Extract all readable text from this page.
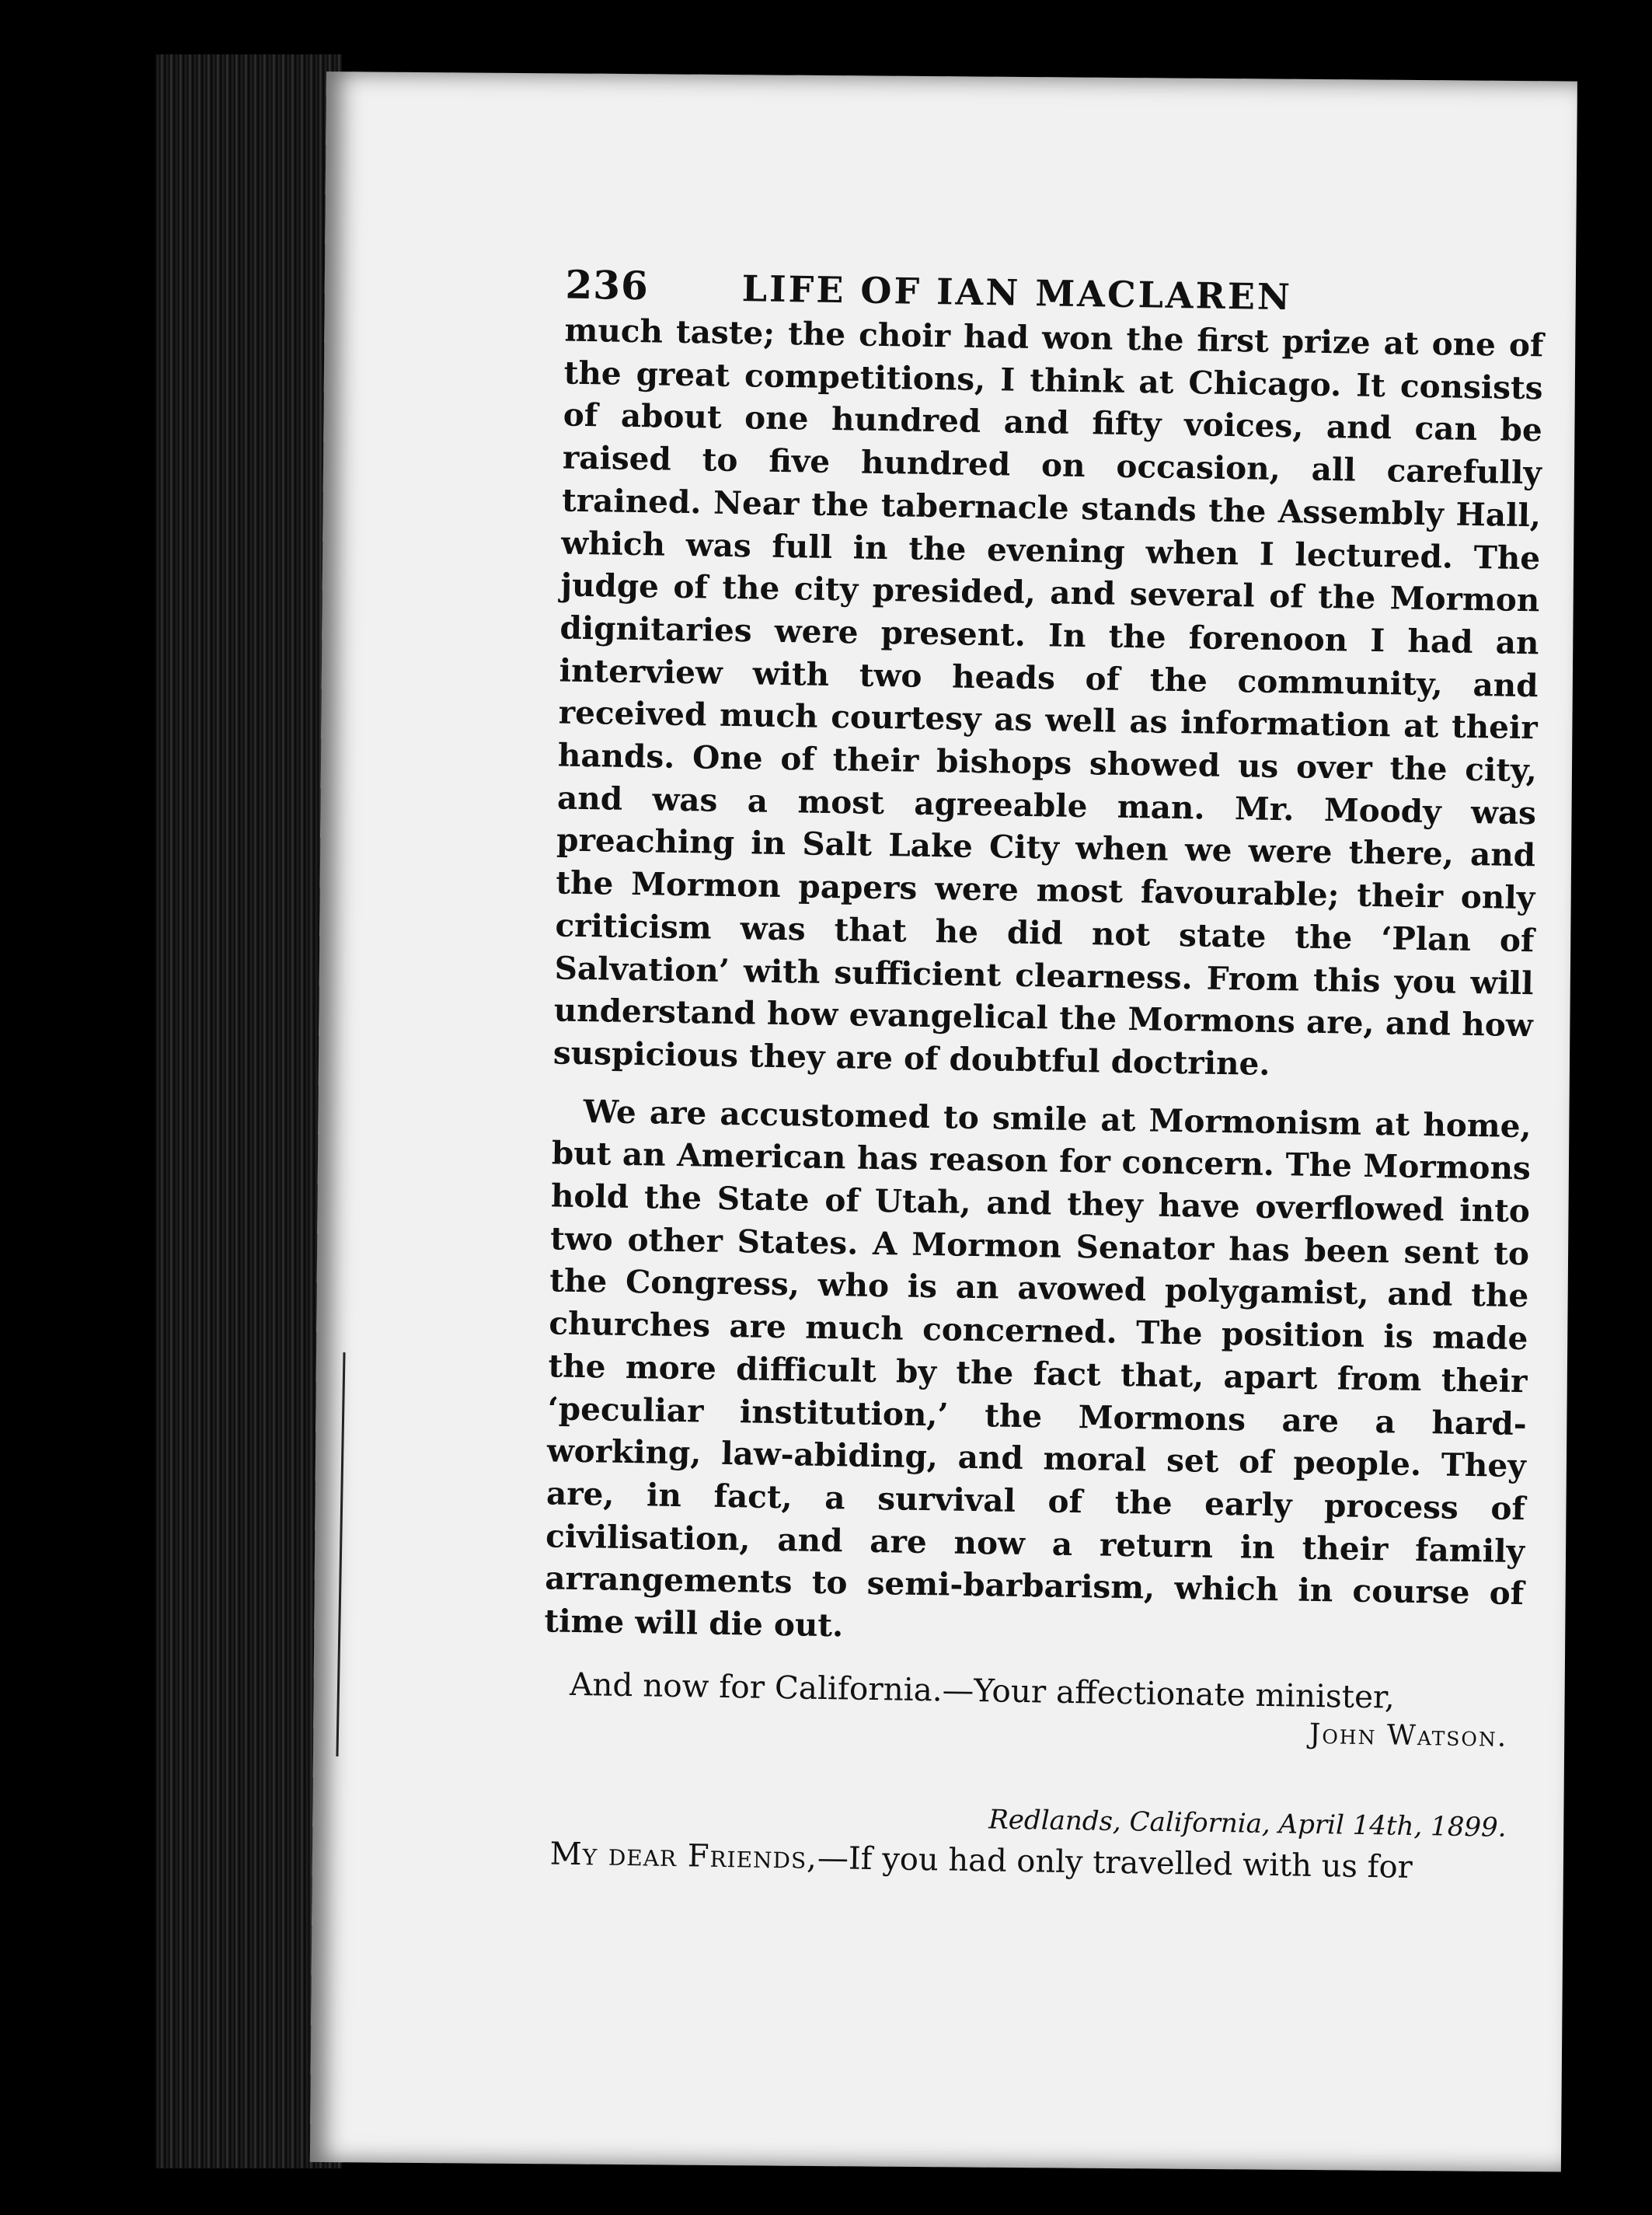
236	LIFE OF IAN MACLAREN

much taste; the choir had won the first prize at one of the great competitions, I think at Chicago. It consists of about one hundred and fifty voices, and can be raised to five hundred on occasion, all carefully trained. Near the tabernacle stands the Assembly Hall, which was full in the evening when I lectured. The judge of the city presided, and several of the Mormon dignitaries were present. In the forenoon I had an interview with two heads of the community, and received much courtesy as well as information at their hands. One of their bishops showed us over the city, and was a most agreeable man. Mr. Moody was preaching in Salt Lake City when we were there, and the Mormon papers were most favourable; their only criticism was that he did not state the ‘Plan of Salvation’ with sufficient clearness. From this you will understand how evangelical the Mormons are, and how suspicious they are of doubtful doctrine.

We are accustomed to smile at Mormonism at home, but an American has reason for concern. The Mormons hold the State of Utah, and they have overflowed into two other States. A Mormon Senator has been sent to the Congress, who is an avowed polygamist, and the churches are much concerned. The position is made the more difficult by the fact that, apart from their ‘peculiar institution,’ the Mormons are a hard-working, law-abiding, and moral set of people. They are, in fact, a survival of the early process of civilisation, and are now a return in their family arrangements to semi-barbarism, which in course of time will die out.

And now for California.—Your affectionate minister,

John Watson.

Redlands, California, April 14th, 1899.

My dear Friends,—If you had only travelled with us for
